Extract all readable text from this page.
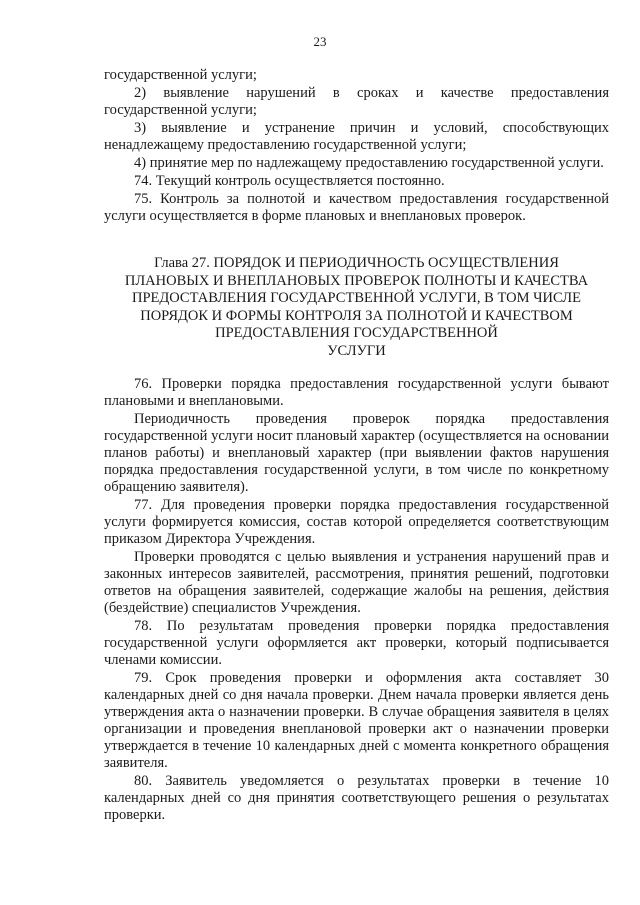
23

государственной услуги;

2) выявление нарушений в сроках и качестве предоставления государственной услуги;

3) выявление и устранение причин и условий, способствующих ненадлежащему предоставлению государственной услуги;

4) принятие мер по надлежащему предоставлению государственной услуги.

74. Текущий контроль осуществляется постоянно.

75. Контроль за полнотой и качеством предоставления государственной услуги осуществляется в форме плановых и внеплановых проверок.

Глава 27. ПОРЯДОК И ПЕРИОДИЧНОСТЬ ОСУЩЕСТВЛЕНИЯ
ПЛАНОВЫХ И ВНЕПЛАНОВЫХ ПРОВЕРОК ПОЛНОТЫ И КАЧЕСТВА
ПРЕДОСТАВЛЕНИЯ ГОСУДАРСТВЕННОЙ УСЛУГИ, В ТОМ ЧИСЛЕ
ПОРЯДОК И ФОРМЫ КОНТРОЛЯ ЗА ПОЛНОТОЙ И КАЧЕСТВОМ
ПРЕДОСТАВЛЕНИЯ ГОСУДАРСТВЕННОЙ
УСЛУГИ

76. Проверки порядка предоставления государственной услуги бывают плановыми и внеплановыми.

Периодичность проведения проверок порядка предоставления государственной услуги носит плановый характер (осуществляется на основании планов работы) и внеплановый характер (при выявлении фактов нарушения порядка предоставления государственной услуги, в том числе по конкретному обращению заявителя).

77. Для проведения проверки порядка предоставления государственной услуги формируется комиссия, состав которой определяется соответствующим приказом Директора Учреждения.

Проверки проводятся с целью выявления и устранения нарушений прав и законных интересов заявителей, рассмотрения, принятия решений, подготовки ответов на обращения заявителей, содержащие жалобы на решения, действия (бездействие) специалистов Учреждения.

78. По результатам проведения проверки порядка предоставления государственной услуги оформляется акт проверки, который подписывается членами комиссии.

79. Срок проведения проверки и оформления акта составляет 30 календарных дней со дня начала проверки. Днем начала проверки является день утверждения акта о назначении проверки. В случае обращения заявителя в целях организации и проведения внеплановой проверки акт о назначении проверки утверждается в течение 10 календарных дней с момента конкретного обращения заявителя.

80. Заявитель уведомляется о результатах проверки в течение 10 календарных дней со дня принятия соответствующего решения о результатах проверки.
